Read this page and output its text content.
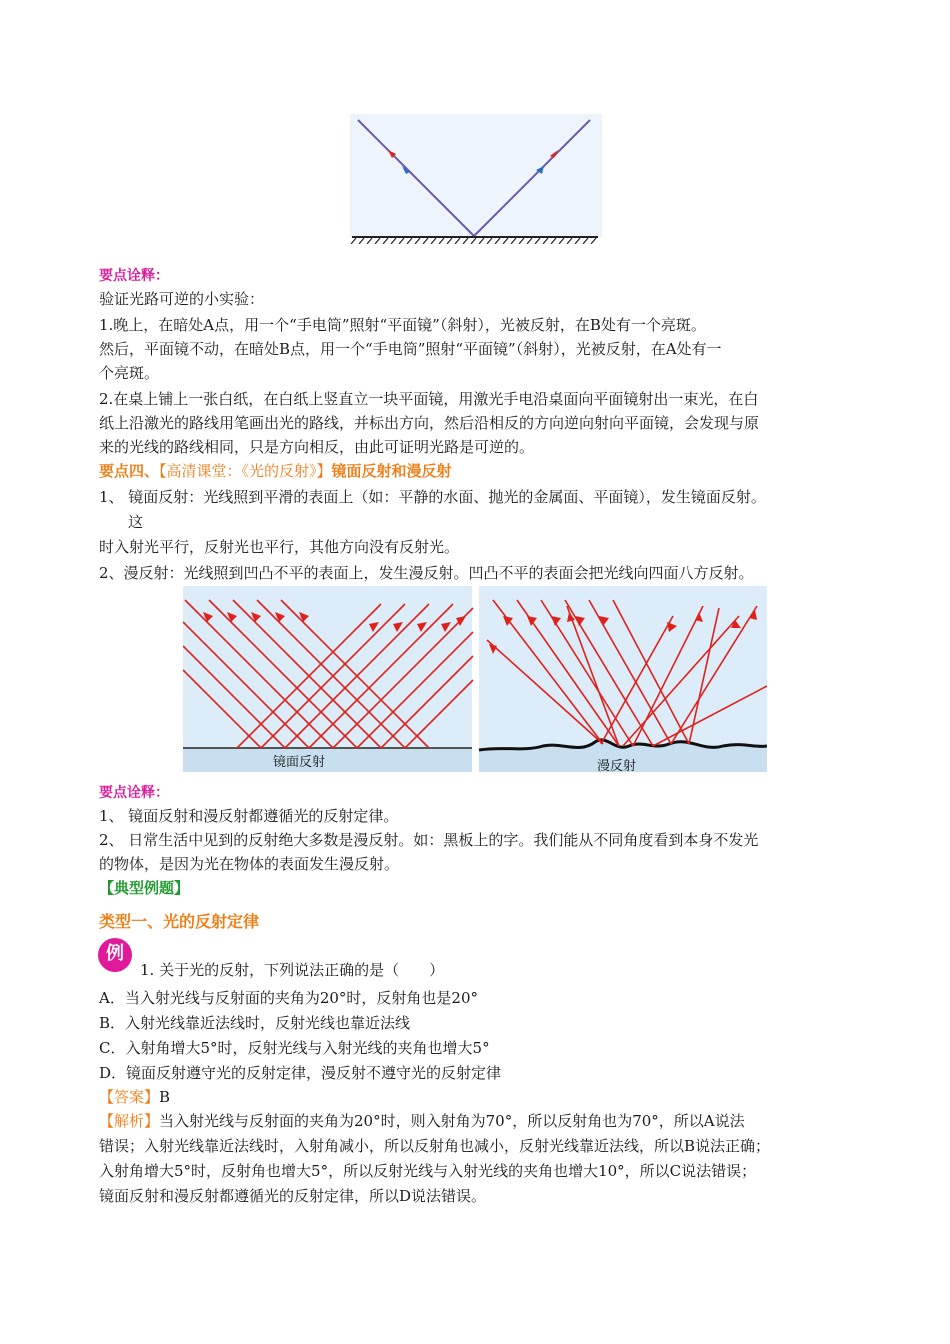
要点诠释：
验证光路可逆的小实验：
1.晚上，在暗处A点，用一个“手电筒”照射“平面镜”（斜射），光被反射，在B处有一个亮斑。
然后，平面镜不动，在暗处B点，用一个“手电筒”照射“平面镜”（斜射），光被反射，在A处有一
个亮斑。
2.在桌上铺上一张白纸，在白纸上竖直立一块平面镜，用激光手电沿桌面向平面镜射出一束光，在白
纸上沿激光的路线用笔画出光的路线，并标出方向，然后沿相反的方向逆向射向平面镜，会发现与原
来的光线的路线相同，只是方向相反，由此可证明光路是可逆的。
要点四、【高清课堂：《光的反射》】镜面反射和漫反射
1、 镜面反射：光线照到平滑的表面上（如：平静的水面、抛光的金属面、平面镜），发生镜面反射。
这
时入射光平行，反射光也平行，其他方向没有反射光。
2、漫反射：光线照到凹凸不平的表面上，发生漫反射。凹凸不平的表面会把光线向四面八方反射。
镜面反射	漫反射
要点诠释：
1、 镜面反射和漫反射都遵循光的反射定律。
2、 日常生活中见到的反射绝大多数是漫反射。如：黑板上的字。我们能从不同角度看到本身不发光
的物体，是因为光在物体的表面发生漫反射。
【典型例题】
类型一、光的反射定律
例
1. 关于光的反射，下列说法正确的是（　　）
A．当入射光线与反射面的夹角为20°时，反射角也是20°
B．入射光线靠近法线时，反射光线也靠近法线
C．入射角增大5°时，反射光线与入射光线的夹角也增大5°
D．镜面反射遵守光的反射定律，漫反射不遵守光的反射定律
【答案】B
【解析】当入射光线与反射面的夹角为20°时，则入射角为70°，所以反射角也为70°，所以A说法
错误；入射光线靠近法线时，入射角减小，所以反射角也减小，反射光线靠近法线，所以B说法正确；
入射角增大5°时，反射角也增大5°，所以反射光线与入射光线的夹角也增大10°，所以C说法错误；
镜面反射和漫反射都遵循光的反射定律，所以D说法错误。
